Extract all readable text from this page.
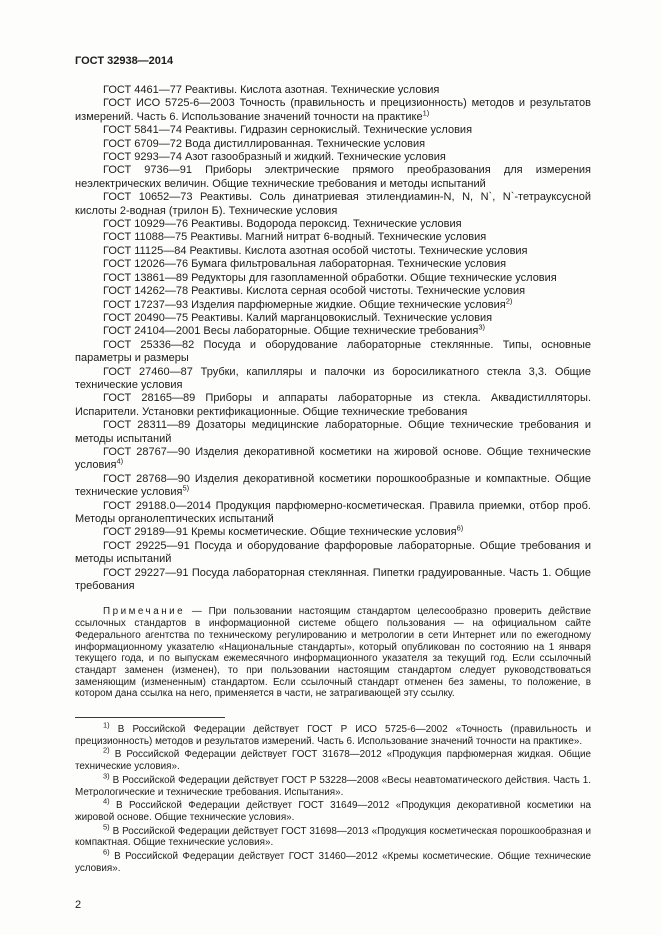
ГОСТ 32938—2014

ГОСТ 4461—77 Реактивы. Кислота азотная. Технические условия

ГОСТ ИСО 5725-6—2003 Точность (правильность и прецизионность) методов и результатов измерений. Часть 6. Использование значений точности на практике$^{1)}$

ГОСТ 5841—74 Реактивы. Гидразин сернокислый. Технические условия

ГОСТ 6709—72 Вода дистиллированная. Технические условия

ГОСТ 9293—74 Азот газообразный и жидкий. Технические условия

ГОСТ 9736—91 Приборы электрические прямого преобразования для измерения неэлектрических величин. Общие технические требования и методы испытаний

ГОСТ 10652—73 Реактивы. Соль динатриевая этилендиамин-N, N, N`, N`-тетрауксусной кислоты 2-водная (трилон Б). Технические условия

ГОСТ 10929—76 Реактивы. Водорода пероксид. Технические условия

ГОСТ 11088—75 Реактивы. Магний нитрат 6-водный. Технические условия

ГОСТ 11125—84 Реактивы. Кислота азотная особой чистоты. Технические условия

ГОСТ 12026—76 Бумага фильтровальная лабораторная. Технические условия

ГОСТ 13861—89 Редукторы для газопламенной обработки. Общие технические условия

ГОСТ 14262—78 Реактивы. Кислота серная особой чистоты. Технические условия

ГОСТ 17237—93 Изделия парфюмерные жидкие. Общие технические условия$^{2)}$

ГОСТ 20490—75 Реактивы. Калий марганцовокислый. Технические условия

ГОСТ 24104—2001 Весы лабораторные. Общие технические требования$^{3)}$

ГОСТ 25336—82 Посуда и оборудование лабораторные стеклянные. Типы, основные параметры и размеры

ГОСТ 27460—87 Трубки, капилляры и палочки из боросиликатного стекла 3,3. Общие технические условия

ГОСТ 28165—89 Приборы и аппараты лабораторные из стекла. Аквадистилляторы. Испарители. Установки ректификационные. Общие технические требования

ГОСТ 28311—89 Дозаторы медицинские лабораторные. Общие технические требования и методы испытаний

ГОСТ 28767—90 Изделия декоративной косметики на жировой основе. Общие технические условия$^{4)}$

ГОСТ 28768—90 Изделия декоративной косметики порошкообразные и компактные. Общие технические условия$^{5)}$

ГОСТ 29188.0—2014 Продукция парфюмерно-косметическая. Правила приемки, отбор проб. Методы органолептических испытаний

ГОСТ 29189—91 Кремы косметические. Общие технические условия$^{6)}$

ГОСТ 29225—91 Посуда и оборудование фарфоровые лабораторные. Общие требования и методы испытаний

ГОСТ 29227—91 Посуда лабораторная стеклянная. Пипетки градуированные. Часть 1. Общие требования

Примечание — При пользовании настоящим стандартом целесообразно проверить действие ссылочных стандартов в информационной системе общего пользования — на официальном сайте Федерального агентства по техническому регулированию и метрологии в сети Интернет или по ежегодному информационному указателю «Национальные стандарты», который опубликован по состоянию на 1 января текущего года, и по выпускам ежемесячного информационного указателя за текущий год. Если ссылочный стандарт заменен (изменен), то при пользовании настоящим стандартом следует руководствоваться заменяющим (измененным) стандартом. Если ссылочный стандарт отменен без замены, то положение, в котором дана ссылка на него, применяется в части, не затрагивающей эту ссылку.

$^{1)}$ В Российской Федерации действует ГОСТ Р ИСО 5725-6—2002 «Точность (правильность и прецизионность) методов и результатов измерений. Часть 6. Использование значений точности на практике».

$^{2)}$ В Российской Федерации действует ГОСТ 31678—2012 «Продукция парфюмерная жидкая. Общие технические условия».

$^{3)}$ В Российской Федерации действует ГОСТ Р 53228—2008 «Весы неавтоматического действия. Часть 1. Метрологические и технические требования. Испытания».

$^{4)}$ В Российской Федерации действует ГОСТ 31649—2012 «Продукция декоративной косметики на жировой основе. Общие технические условия».

$^{5)}$ В Российской Федерации действует ГОСТ 31698—2013 «Продукция косметическая порошкообразная и компактная. Общие технические условия».

$^{6)}$ В Российской Федерации действует ГОСТ 31460—2012 «Кремы косметические. Общие технические условия».

2
